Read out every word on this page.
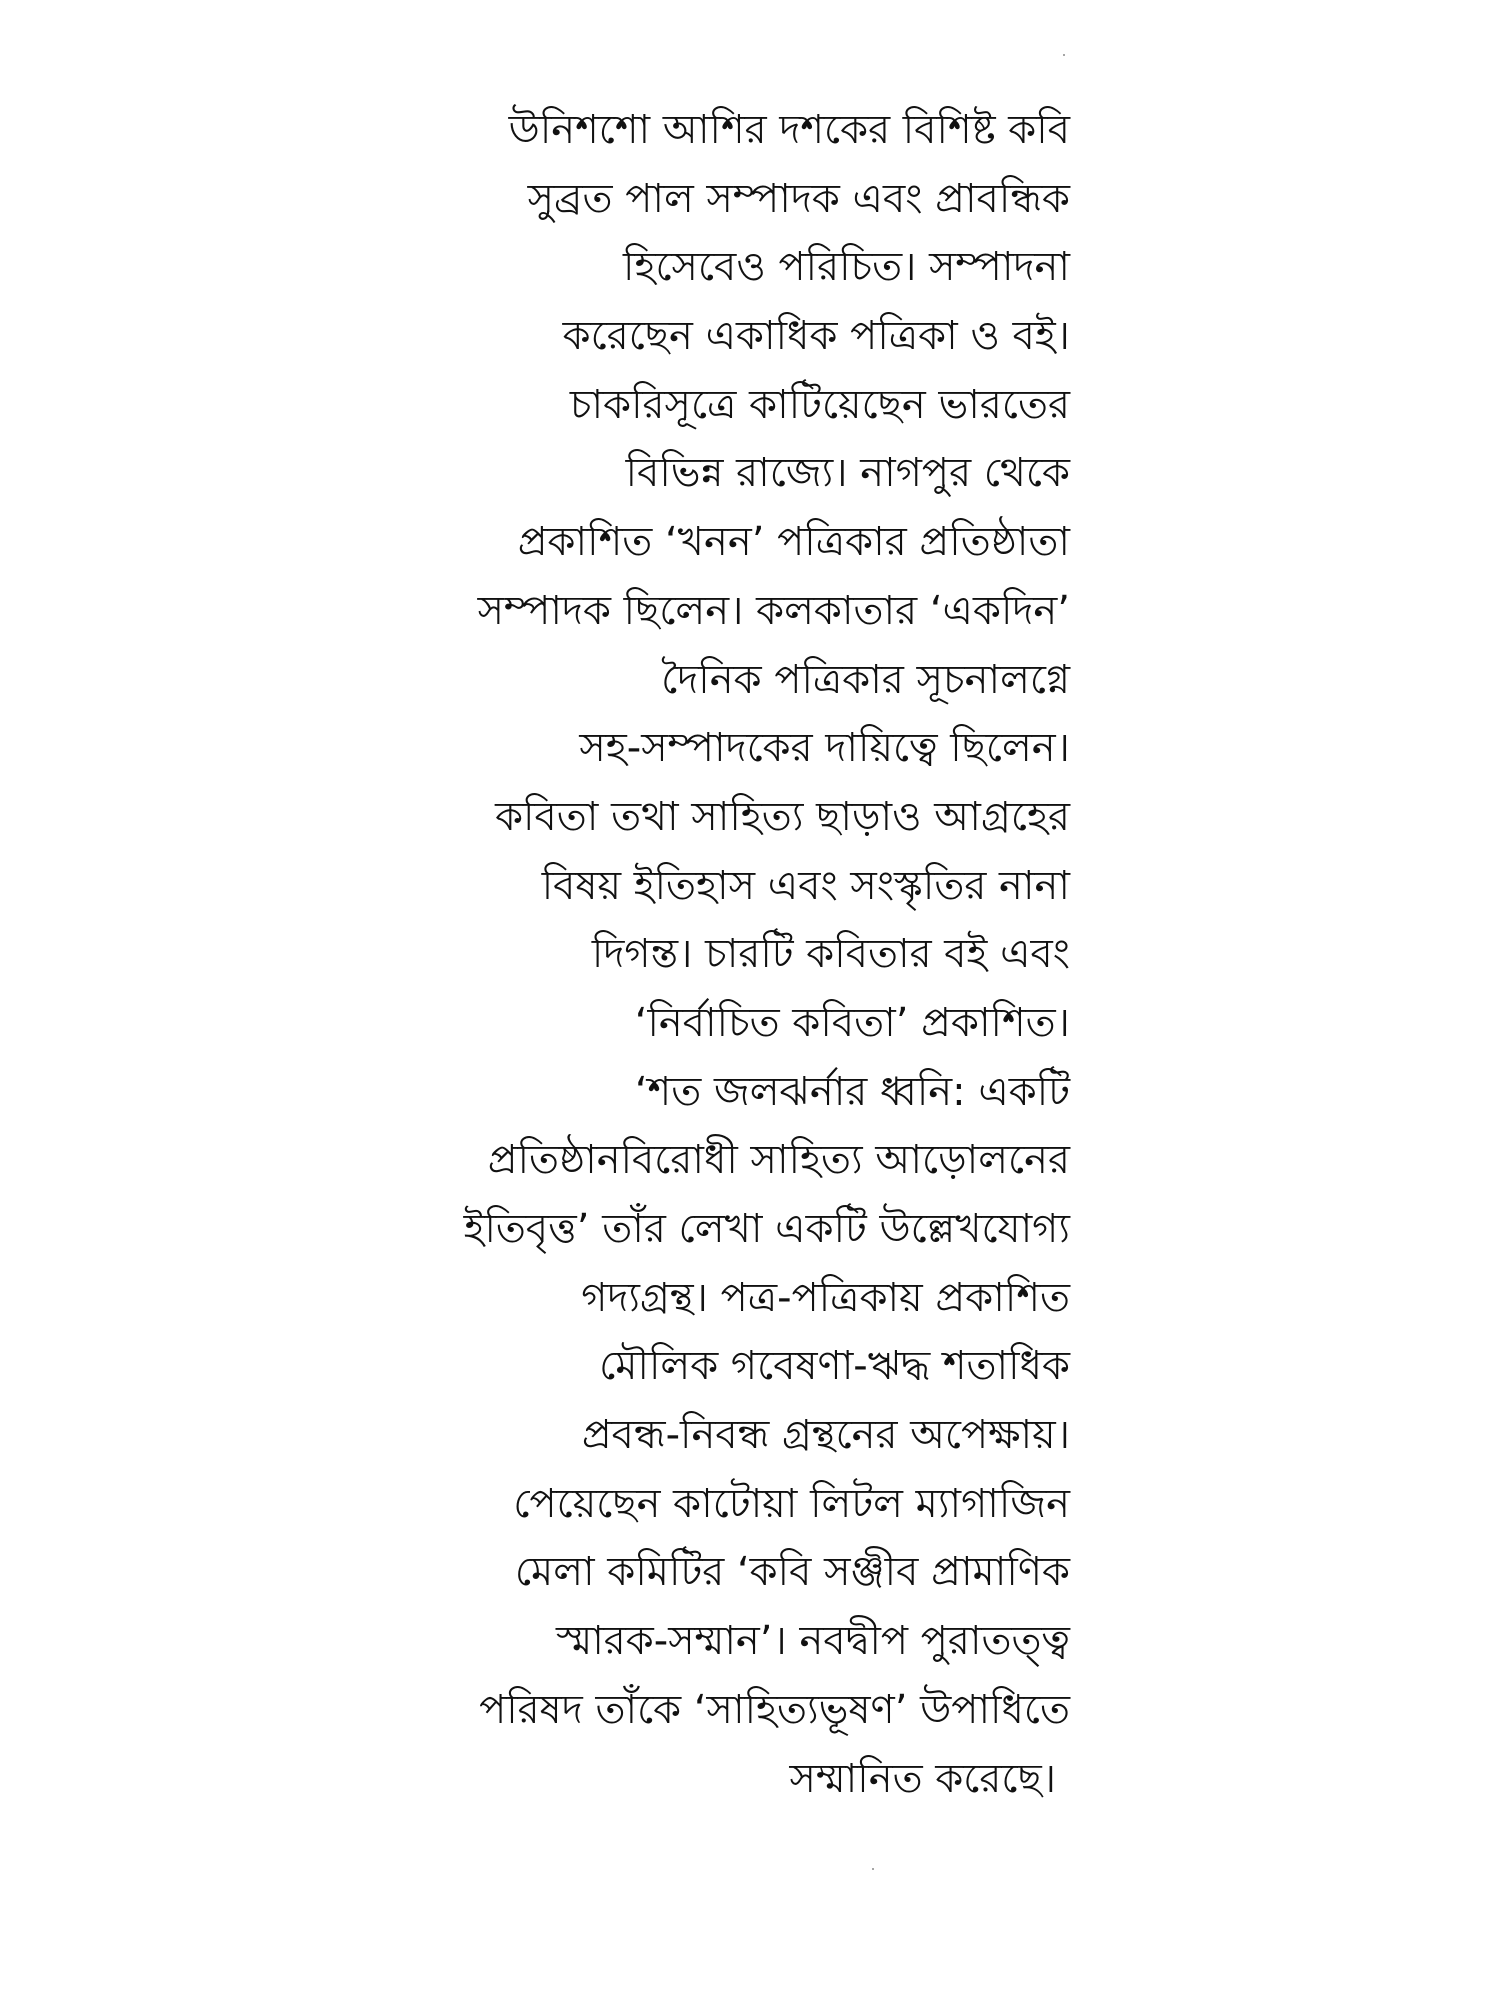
উনিশশো আশির দশকের বিশিষ্ট কবি
সুব্রত পাল সম্পাদক এবং প্রাবন্ধিক
হিসেবেও পরিচিত। সম্পাদনা
করেছেন একাধিক পত্রিকা ও বই।
চাকরিসূত্রে কাটিয়েছেন ভারতের
বিভিন্ন রাজ্যে। নাগপুর থেকে
প্রকাশিত ‘খনন’ পত্রিকার প্রতিষ্ঠাতা
সম্পাদক ছিলেন। কলকাতার ‘একদিন’
দৈনিক পত্রিকার সূচনালগ্নে
সহ-সম্পাদকের দায়িত্বে ছিলেন।
কবিতা তথা সাহিত্য ছাড়াও আগ্রহের
বিষয় ইতিহাস এবং সংস্কৃতির নানা
দিগন্ত। চারটি কবিতার বই এবং
‘নির্বাচিত কবিতা’ প্রকাশিত।
‘শত জলঝর্নার ধ্বনি: একটি
প্রতিষ্ঠানবিরোধী সাহিত্য আড়োলনের
ইতিবৃত্ত’ তাঁর লেখা একটি উল্লেখযোগ্য
গদ্যগ্রন্থ। পত্র-পত্রিকায় প্রকাশিত
মৌলিক গবেষণা-ঋদ্ধ শতাধিক
প্রবন্ধ-নিবন্ধ গ্রন্থনের অপেক্ষায়।
পেয়েছেন কাটোয়া লিটল ম্যাগাজিন
মেলা কমিটির ‘কবি সঞ্জীব প্রামাণিক
স্মারক-সম্মান’। নবদ্বীপ পুরাতত্ত্ব
পরিষদ তাঁকে ‘সাহিত্যভূষণ’ উপাধিতে
সম্মানিত করেছে।
